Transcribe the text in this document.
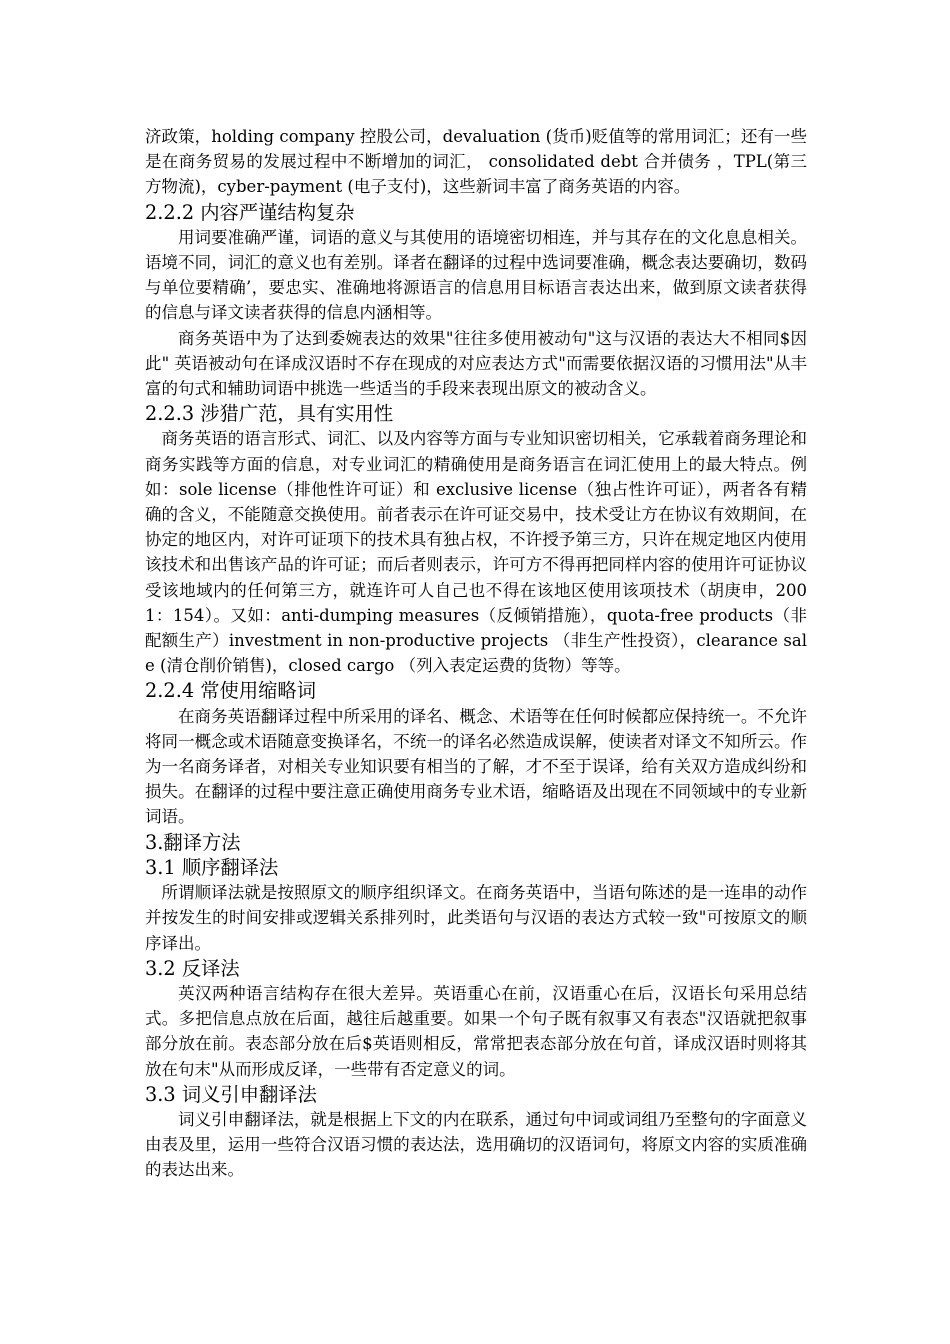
济政策，holding company 控股公司，devaluation (货币)贬值等的常用词汇；还有一些是在商务贸易的发展过程中不断增加的词汇， consolidated debt 合并债务 ，TPL(第三方物流)，cyber-payment (电子支付)，这些新词丰富了商务英语的内容。

2.2.2 内容严谨结构复杂

用词要准确严谨，词语的意义与其使用的语境密切相连，并与其存在的文化息息相关。语境不同，词汇的意义也有差别。译者在翻译的过程中选词要准确，概念表达要确切，数码与单位要精确’，要忠实、准确地将源语言的信息用目标语言表达出来，做到原文读者获得的信息与译文读者获得的信息内涵相等。

商务英语中为了达到委婉表达的效果"往往多使用被动句"这与汉语的表达大不相同$因此" 英语被动句在译成汉语时不存在现成的对应表达方式"而需要依据汉语的习惯用法"从丰富的句式和辅助词语中挑选一些适当的手段来表现出原文的被动含义。

2.2.3 涉猎广范，具有实用性

商务英语的语言形式、词汇、以及内容等方面与专业知识密切相关，它承载着商务理论和商务实践等方面的信息，对专业词汇的精确使用是商务语言在词汇使用上的最大特点。例如：sole license（排他性许可证）和 exclusive license（独占性许可证），两者各有精确的含义，不能随意交换使用。前者表示在许可证交易中，技术受让方在协议有效期间，在协定的地区内，对许可证项下的技术具有独占权，不许授予第三方，只许在规定地区内使用该技术和出售该产品的许可证；而后者则表示，许可方不得再把同样内容的使用许可证协议受该地域内的任何第三方，就连许可人自己也不得在该地区使用该项技术（胡庚申，2001：154）。又如：anti-dumping measures（反倾销措施），quota-free products（非配额生产）investment in non-productive projects （非生产性投资），clearance sale (清仓削价销售)，closed cargo （列入表定运费的货物）等等。

2.2.4 常使用缩略词

在商务英语翻译过程中所采用的译名、概念、术语等在任何时候都应保持统一。不允许将同一概念或术语随意变换译名，不统一的译名必然造成误解，使读者对译文不知所云。作为一名商务译者，对相关专业知识要有相当的了解，才不至于误译，给有关双方造成纠纷和损失。在翻译的过程中要注意正确使用商务专业术语，缩略语及出现在不同领域中的专业新词语。

3.翻译方法
3.1 顺序翻译法

所谓顺译法就是按照原文的顺序组织译文。在商务英语中，当语句陈述的是一连串的动作并按发生的时间安排或逻辑关系排列时，此类语句与汉语的表达方式较一致"可按原文的顺序译出。

3.2 反译法

英汉两种语言结构存在很大差异。英语重心在前，汉语重心在后，汉语长句采用总结式。多把信息点放在后面，越往后越重要。如果一个句子既有叙事又有表态"汉语就把叙事部分放在前。表态部分放在后$英语则相反，常常把表态部分放在句首，译成汉语时则将其放在句末"从而形成反译，一些带有否定意义的词。

3.3 词义引申翻译法

词义引申翻译法，就是根据上下文的内在联系，通过句中词或词组乃至整句的字面意义由表及里，运用一些符合汉语习惯的表达法，选用确切的汉语词句，将原文内容的实质准确的表达出来。
